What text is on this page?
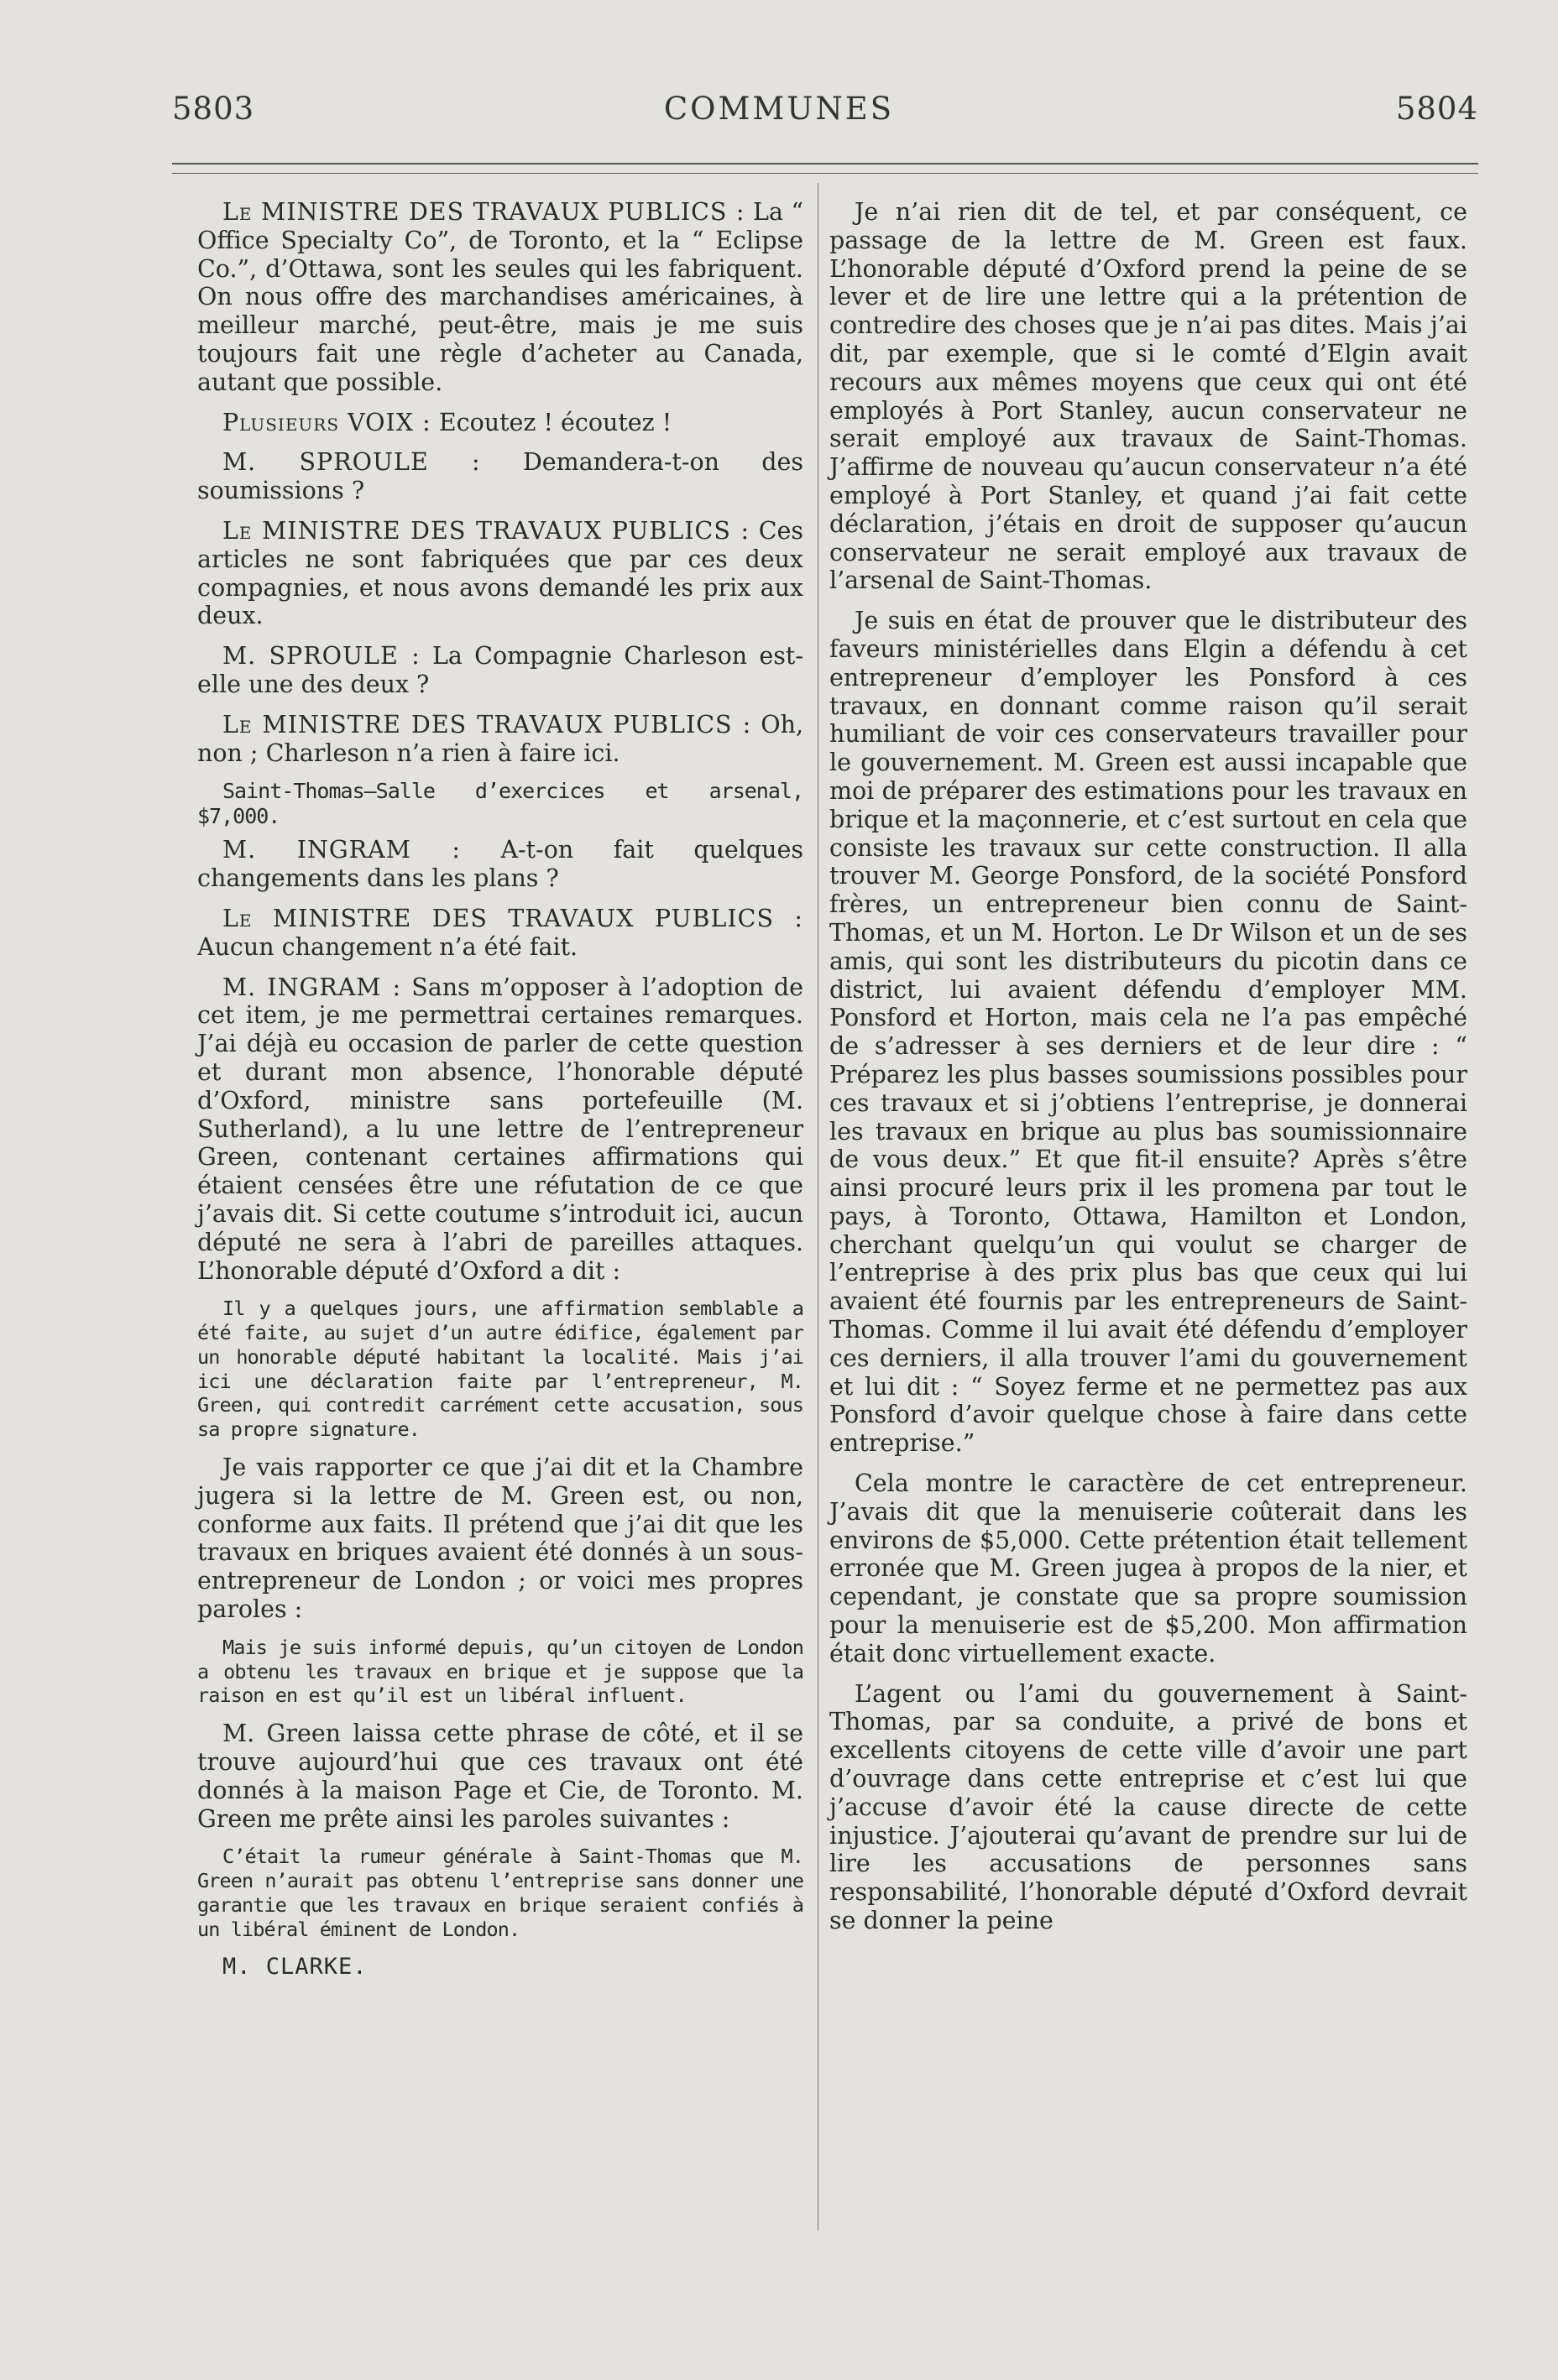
5803	COMMUNES	5804

Le MINISTRE DES TRAVAUX PUBLICS : La “ Office Specialty Co”, de Toronto, et la “ Eclipse Co.”, d’Ottawa, sont les seules qui les fabriquent. On nous offre des marchandises américaines, à meilleur marché, peut-être, mais je me suis toujours fait une règle d’acheter au Canada, autant que possible.

Plusieurs VOIX : Ecoutez ! écoutez !

M. SPROULE : Demandera-t-on des soumissions ?

Le MINISTRE DES TRAVAUX PUBLICS : Ces articles ne sont fabriquées que par ces deux compagnies, et nous avons demandé les prix aux deux.

M. SPROULE : La Compagnie Charleson est-elle une des deux ?

Le MINISTRE DES TRAVAUX PUBLICS : Oh, non ; Charleson n’a rien à faire ici.

Saint-Thomas—Salle d’exercices et arsenal, $7,000.

M. INGRAM : A-t-on fait quelques changements dans les plans ?

Le MINISTRE DES TRAVAUX PUBLICS : Aucun changement n’a été fait.

M. INGRAM : Sans m’opposer à l’adoption de cet item, je me permettrai certaines remarques. J’ai déjà eu occasion de parler de cette question et durant mon absence, l’honorable député d’Oxford, ministre sans portefeuille (M. Sutherland), a lu une lettre de l’entrepreneur Green, contenant certaines affirmations qui étaient censées être une réfutation de ce que j’avais dit. Si cette coutume s’introduit ici, aucun député ne sera à l’abri de pareilles attaques. L’honorable député d’Oxford a dit :

Il y a quelques jours, une affirmation semblable a été faite, au sujet d’un autre édifice, également par un honorable député habitant la localité. Mais j’ai ici une déclaration faite par l’entrepreneur, M. Green, qui contredit carrément cette accusation, sous sa propre signature.

Je vais rapporter ce que j’ai dit et la Chambre jugera si la lettre de M. Green est, ou non, conforme aux faits. Il prétend que j’ai dit que les travaux en briques avaient été donnés à un sous-entrepreneur de London ; or voici mes propres paroles :

Mais je suis informé depuis, qu’un citoyen de London a obtenu les travaux en brique et je suppose que la raison en est qu’il est un libéral influent.

M. Green laissa cette phrase de côté, et il se trouve aujourd’hui que ces travaux ont été donnés à la maison Page et Cie, de Toronto. M. Green me prête ainsi les paroles suivantes :

C’était la rumeur générale à Saint-Thomas que M. Green n’aurait pas obtenu l’entreprise sans donner une garantie que les travaux en brique seraient confiés à un libéral éminent de London.

M. CLARKE.

Je n’ai rien dit de tel, et par conséquent, ce passage de la lettre de M. Green est faux. L’honorable député d’Oxford prend la peine de se lever et de lire une lettre qui a la prétention de contredire des choses que je n’ai pas dites. Mais j’ai dit, par exemple, que si le comté d’Elgin avait recours aux mêmes moyens que ceux qui ont été employés à Port Stanley, aucun conservateur ne serait employé aux travaux de Saint-Thomas. J’affirme de nouveau qu’aucun conservateur n’a été employé à Port Stanley, et quand j’ai fait cette déclaration, j’étais en droit de supposer qu’aucun conservateur ne serait employé aux travaux de l’arsenal de Saint-Thomas.

Je suis en état de prouver que le distributeur des faveurs ministérielles dans Elgin a défendu à cet entrepreneur d’employer les Ponsford à ces travaux, en donnant comme raison qu’il serait humiliant de voir ces conservateurs travailler pour le gouvernement. M. Green est aussi incapable que moi de préparer des estimations pour les travaux en brique et la maçonnerie, et c’est surtout en cela que consiste les travaux sur cette construction. Il alla trouver M. George Ponsford, de la société Ponsford frères, un entrepreneur bien connu de Saint-Thomas, et un M. Horton. Le Dr Wilson et un de ses amis, qui sont les distributeurs du picotin dans ce district, lui avaient défendu d’employer MM. Ponsford et Horton, mais cela ne l’a pas empêché de s’adresser à ses derniers et de leur dire : “ Préparez les plus basses soumissions possibles pour ces travaux et si j’obtiens l’entreprise, je donnerai les travaux en brique au plus bas soumissionnaire de vous deux.” Et que fit-il ensuite? Après s’être ainsi procuré leurs prix il les promena par tout le pays, à Toronto, Ottawa, Hamilton et London, cherchant quelqu’un qui voulut se charger de l’entreprise à des prix plus bas que ceux qui lui avaient été fournis par les entrepreneurs de Saint-Thomas. Comme il lui avait été défendu d’employer ces derniers, il alla trouver l’ami du gouvernement et lui dit : “ Soyez ferme et ne permettez pas aux Ponsford d’avoir quelque chose à faire dans cette entreprise.”

Cela montre le caractère de cet entrepreneur. J’avais dit que la menuiserie coûterait dans les environs de $5,000. Cette prétention était tellement erronée que M. Green jugea à propos de la nier, et cependant, je constate que sa propre soumission pour la menuiserie est de $5,200. Mon affirmation était donc virtuellement exacte.

L’agent ou l’ami du gouvernement à Saint-Thomas, par sa conduite, a privé de bons et excellents citoyens de cette ville d’avoir une part d’ouvrage dans cette entreprise et c’est lui que j’accuse d’avoir été la cause directe de cette injustice. J’ajouterai qu’avant de prendre sur lui de lire les accusations de personnes sans responsabilité, l’honorable député d’Oxford devrait se donner la peine
